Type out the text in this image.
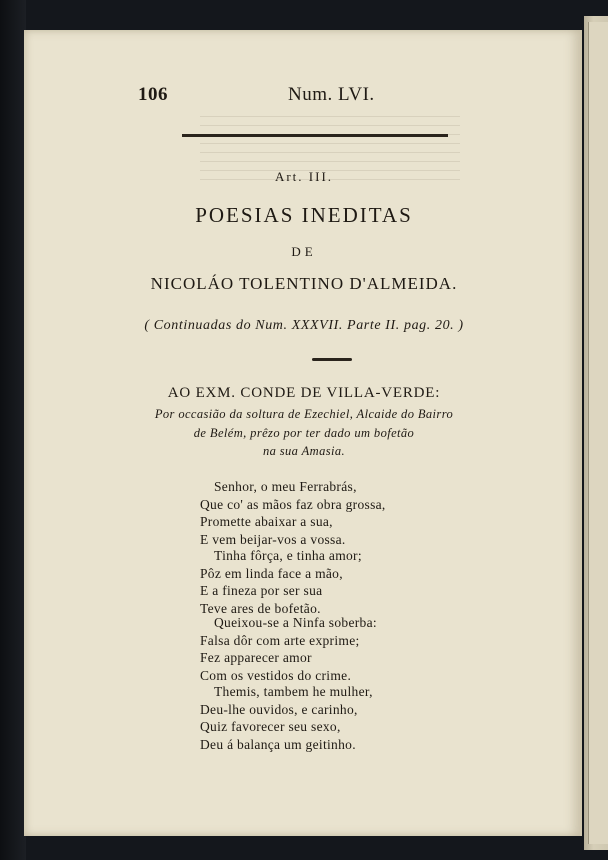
106	Num. LVI.
Art. III.
POESIAS INEDITAS
DE
NICOLÁO TOLENTINO D'ALMEIDA.
( Continuadas do Num. XXXVII. Parte II. pag. 20. )
AO EXM. CONDE DE VILLA-VERDE:
Por occasião da soltura de Ezechiel, Alcaide do Bairro
de Belém, prêzo por ter dado um bofetão
na sua Amasia.
Senhor, o meu Ferrabrás,
Que co' as mãos faz obra grossa,
Promette abaixar a sua,
E vem beijar-vos a vossa.
Tinha fôrça, e tinha amor;
Pôz em linda face a mão,
E a fineza por ser sua
Teve ares de bofetão.
Queixou-se a Ninfa soberba:
Falsa dôr com arte exprime;
Fez apparecer amor
Com os vestidos do crime.
Themis, tambem he mulher,
Deu-lhe ouvidos, e carinho,
Quiz favorecer seu sexo,
Deu á balança um geitinho.
